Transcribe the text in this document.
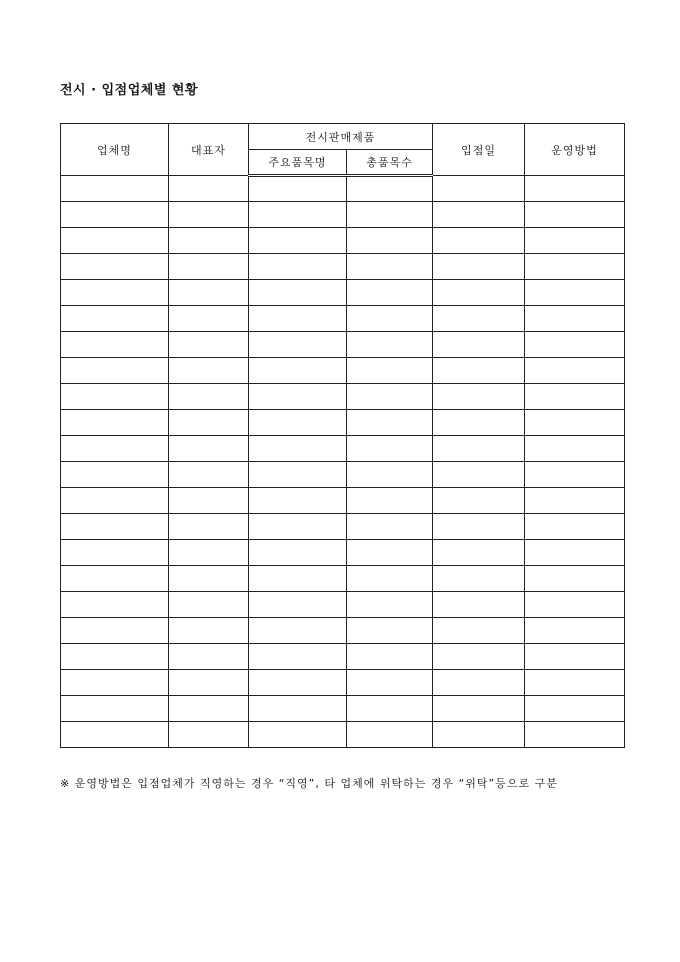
전시 · 입점업체별 현황
업체명	대표자	전시판매제품		입점일	운영방법
		주요품목명	총품목수		

※ 운영방법은 입점업체가 직영하는 경우 “직영”, 타 업체에 위탁하는 경우 “위탁”등으로 구분
